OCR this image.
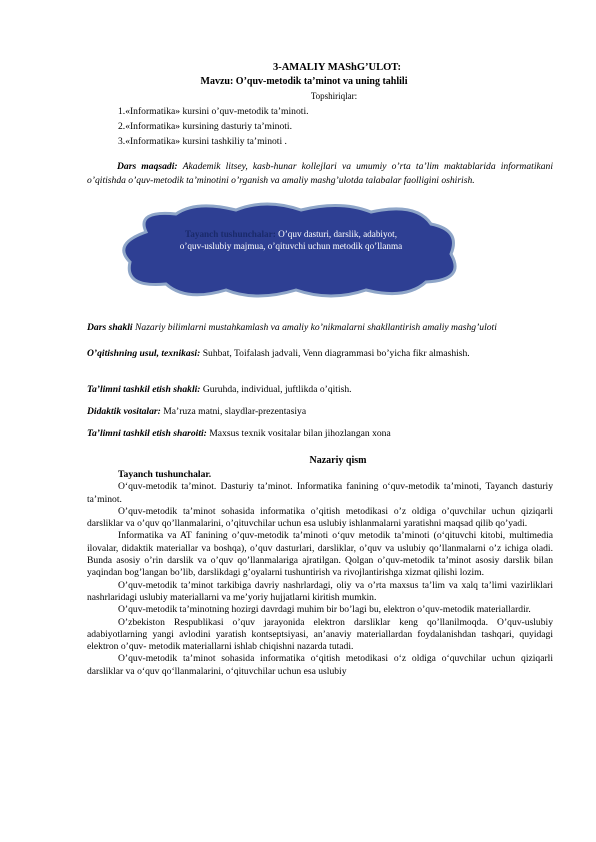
3-AMALIY MAShG’ULOT:
Mavzu: O’quv-metodik ta’minot va uning tahlili
Topshiriqlar:
1.«Informatika» kursini o’quv-metodik ta’minoti.
2.«Informatika» kursining dasturiy ta’minoti.
3.«Informatika» kursini tashkiliy ta’minoti .
Dars maqsadi: Akademik litsey, kasb-hunar kollejlari va umumiy o’rta ta’lim maktablarida informatikani o’qitishda o’quv-metodik ta’minotini o’rganish va amaliy mashg’ulotda talabalar faolligini oshirish.
Tayanch tushunchalar: O’quv dasturi, darslik, adabiyot, o’quv-uslubiy majmua, o’qituvchi uchun metodik qo’llanma
Dars shakli Nazariy bilimlarni mustahkamlash va amaliy ko’nikmalarni shakllantirish amaliy mashg’uloti
O’qitishning usul, texnikasi: Suhbat, Toifalash jadvali, Venn diagrammasi bo’yicha fikr almashish.
Ta’limni tashkil etish shakli: Guruhda, individual, juftlikda o’qitish.
Didaktik vositalar: Ma’ruza matni, slaydlar-prezentasiya
Ta’limni tashkil etish sharoiti: Maxsus texnik vositalar bilan jihozlangan xona
Nazariy qism

Tayanch tushunchalar.

O‘quv-metodik ta’minot. Dasturiy ta’minot. Informatika fanining o‘quv-metodik ta’minoti, Tayanch dasturiy ta’minot.

O’quv-metodik ta’minot sohasida informatika o’qitish metodikasi o’z oldiga o’quvchilar uchun qiziqarli darsliklar va o’quv qo’llanmalarini, o’qituvchilar uchun esa uslubiy ishlanmalarni yaratishni maqsad qilib qo’yadi.

Informatika va AT fanining o’quv-metodik ta’minoti o‘quv metodik ta’minoti (o‘qituvchi kitobi, multimedia ilovalar, didaktik materiallar va boshqa), o’quv dasturlari, darsliklar, o’quv va uslubiy qo’llanmalarni o’z ichiga oladi. Bunda asosiy o’rin darslik va o’quv qo’llanmalariga ajratilgan. Qolgan o’quv-metodik ta’minot asosiy darslik bilan yaqindan bog’langan bo’lib, darslikdagi g’oyalarni tushuntirish va rivojlantirishga xizmat qilishi lozim.

O’quv-metodik ta’minot tarkibiga davriy nashrlardagi, oliy va o’rta maxsus ta’lim va xalq ta’limi vazirliklari nashrlaridagi uslubiy materiallarni va me’yoriy hujjatlarni kiritish mumkin.

O’quv-metodik ta’minotning hozirgi davrdagi muhim bir bo’lagi bu, elektron o’quv-metodik materiallardir.

O’zbekiston Respublikasi o’quv jarayonida elektron darsliklar keng qo’llanilmoqda. O’quv-uslubiy adabiyotlarning yangi avlodini yaratish kontseptsiyasi, an’anaviy materiallardan foydalanishdan tashqari, quyidagi elektron o’quv- metodik materiallarni ishlab chiqishni nazarda tutadi.

O’quv-metodik ta’minot sohasida informatika o‘qitish metodikasi o‘z oldiga o‘quvchilar uchun qiziqarli darsliklar va o‘quv qo‘llanmalarini, o‘qituvchilar uchun esa uslubiy
